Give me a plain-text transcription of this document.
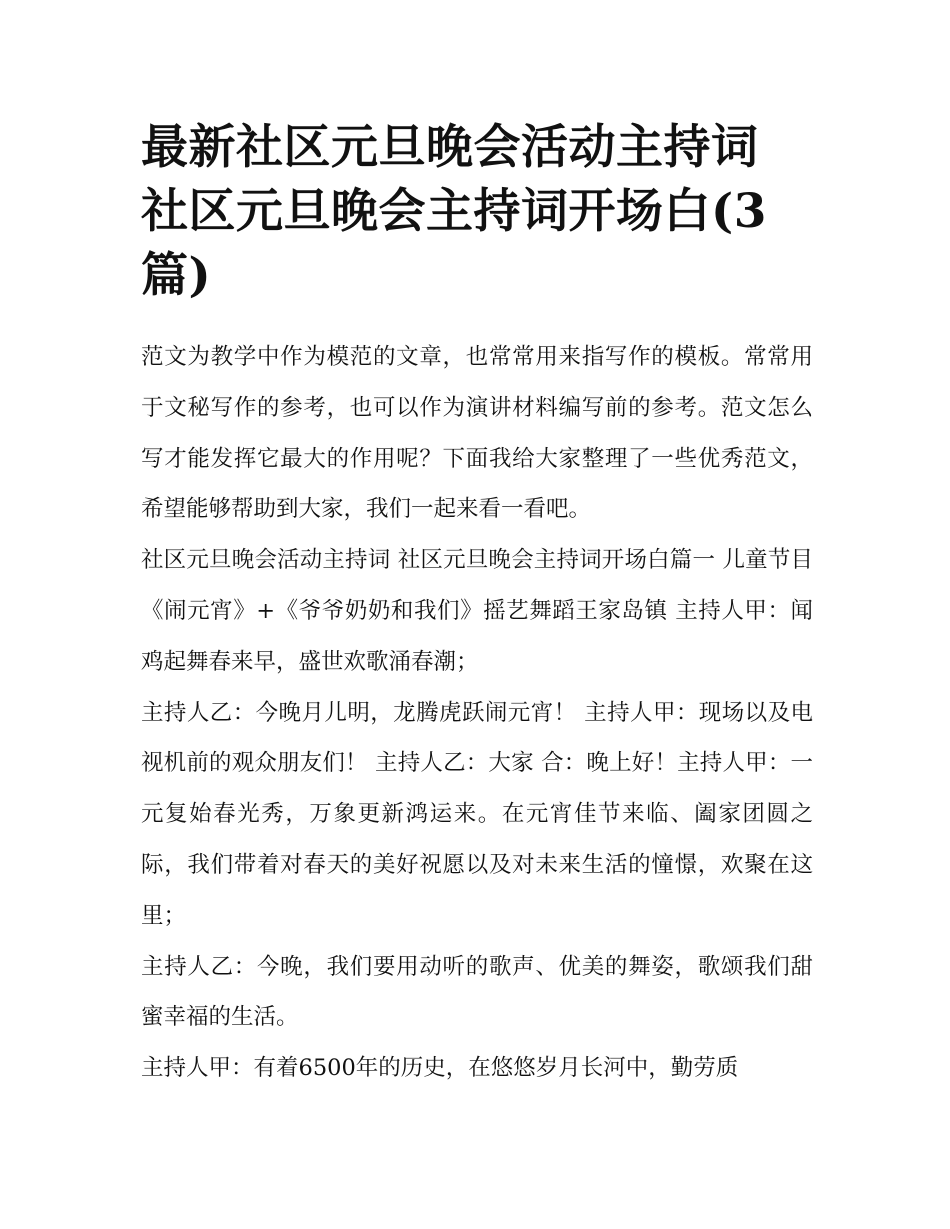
最新社区元旦晚会活动主持词
社区元旦晚会主持词开场白(3
篇)

范文为教学中作为模范的文章，也常常用来指写作的模板。常常用于文秘写作的参考，也可以作为演讲材料编写前的参考。范文怎么写才能发挥它最大的作用呢？下面我给大家整理了一些优秀范文，希望能够帮助到大家，我们一起来看一看吧。

社区元旦晚会活动主持词 社区元旦晚会主持词开场白篇一 儿童节目《闹元宵》+《爷爷奶奶和我们》摇艺舞蹈王家岛镇 主持人甲：闻鸡起舞春来早，盛世欢歌涌春潮；

主持人乙：今晚月儿明，龙腾虎跃闹元宵！ 主持人甲：现场以及电视机前的观众朋友们！ 主持人乙：大家 合：晚上好！主持人甲：一元复始春光秀，万象更新鸿运来。在元宵佳节来临、阖家团圆之际，我们带着对春天的美好祝愿以及对未来生活的憧憬，欢聚在这里；

主持人乙：今晚，我们要用动听的歌声、优美的舞姿，歌颂我们甜蜜幸福的生活。

主持人甲：有着6500年的历史，在悠悠岁月长河中，勤劳质
